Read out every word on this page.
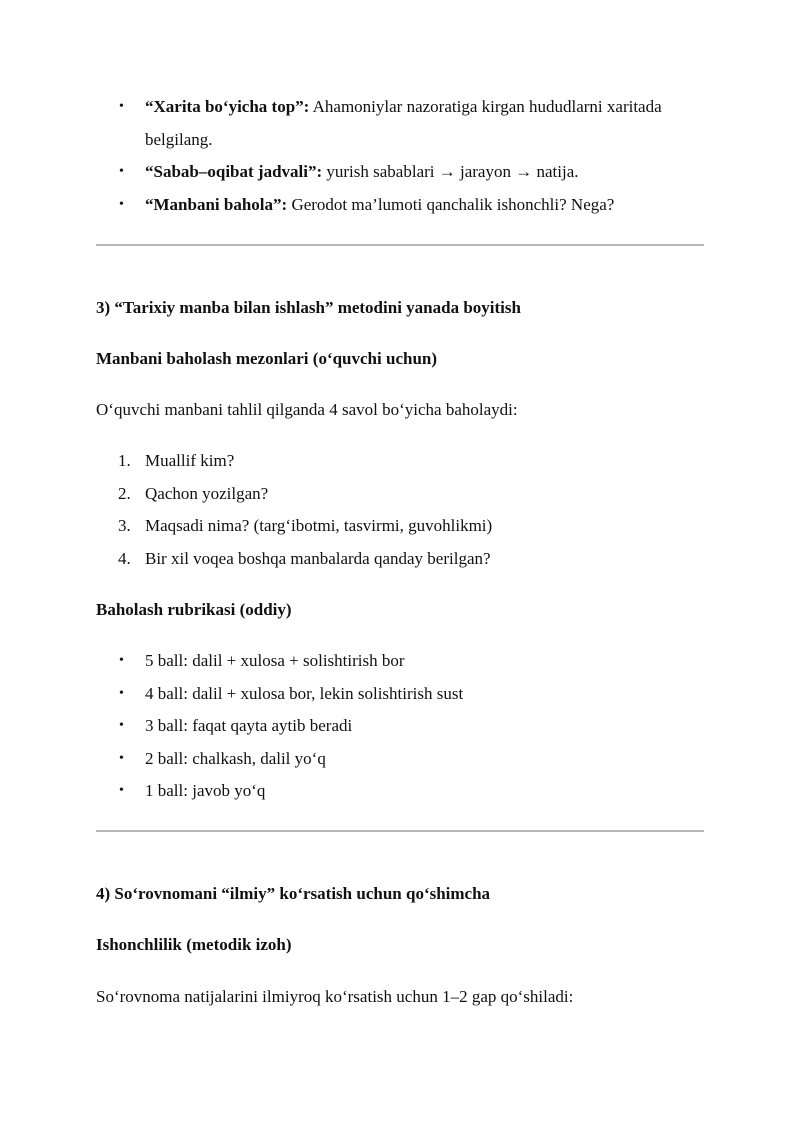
• “Xarita bo‘yicha top”: Ahamoniylar nazoratiga kirgan hududlarni xaritada belgilang.
• “Sabab–oqibat jadvali”: yurish sabablari → jarayon → natija.
• “Manbani bahola”: Gerodot ma’lumoti qanchalik ishonchli? Nega?
3) “Tarixiy manba bilan ishlash” metodini yanada boyitish
Manbani baholash mezonlari (o‘quvchi uchun)
O‘quvchi manbani tahlil qilganda 4 savol bo‘yicha baholaydi:
1. Muallif kim?
2. Qachon yozilgan?
3. Maqsadi nima? (targ‘ibotmi, tasvirmi, guvohlikmi)
4. Bir xil voqea boshqa manbalarda qanday berilgan?
Baholash rubrikasi (oddiy)
• 5 ball: dalil + xulosa + solishtirish bor
• 4 ball: dalil + xulosa bor, lekin solishtirish sust
• 3 ball: faqat qayta aytib beradi
• 2 ball: chalkash, dalil yo‘q
• 1 ball: javob yo‘q
4) So‘rovnomani “ilmiy” ko‘rsatish uchun qo‘shimcha
Ishonchlilik (metodik izoh)
So‘rovnoma natijalarini ilmiyroq ko‘rsatish uchun 1–2 gap qo‘shiladi:
